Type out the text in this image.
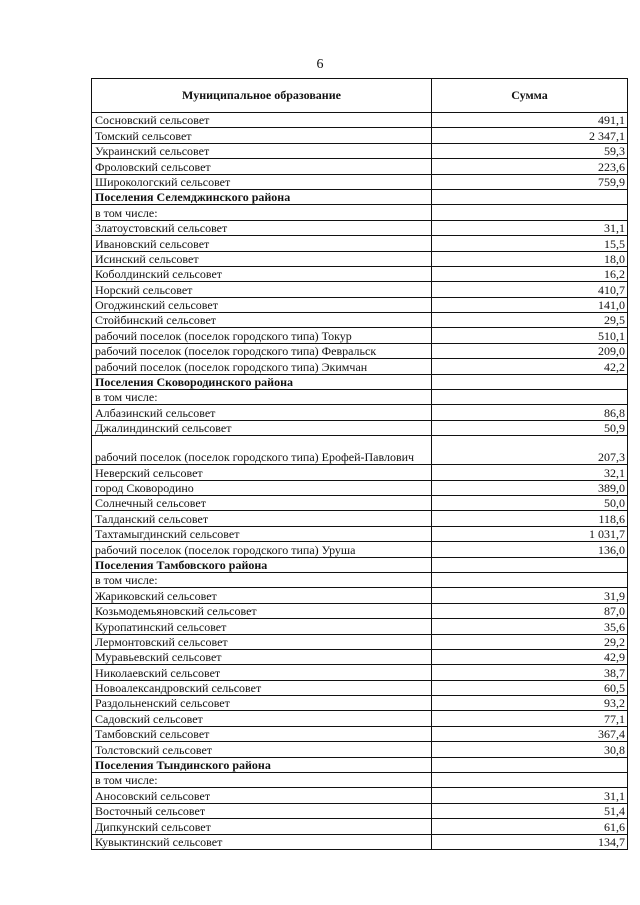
6
Муниципальное образование	Сумма
Сосновский сельсовет	491,1
Томский сельсовет	2 347,1
Украинский сельсовет	59,3
Фроловский сельсовет	223,6
Широкологский сельсовет	759,9
Поселения Селемджинского района	
в том числе:	
Златоустовский сельсовет	31,1
Ивановский сельсовет	15,5
Исинский сельсовет	18,0
Коболдинский сельсовет	16,2
Норский сельсовет	410,7
Огоджинский сельсовет	141,0
Стойбинский сельсовет	29,5
рабочий поселок (поселок городского типа) Токур	510,1
рабочий поселок (поселок городского типа) Февральск	209,0
рабочий поселок (поселок городского типа) Экимчан	42,2
Поселения Сковородинского района	
в том числе:	
Албазинский сельсовет	86,8
Джалиндинский сельсовет	50,9
рабочий поселок (поселок городского типа) Ерофей-Павлович	207,3
Неверский сельсовет	32,1
город Сковородино	389,0
Солнечный сельсовет	50,0
Талданский сельсовет	118,6
Тахтамыгдинский сельсовет	1 031,7
рабочий поселок (поселок городского типа) Уруша	136,0
Поселения Тамбовского района	
в том числе:	
Жариковский сельсовет	31,9
Козьмодемьяновский сельсовет	87,0
Куропатинский сельсовет	35,6
Лермонтовский сельсовет	29,2
Муравьевский сельсовет	42,9
Николаевский сельсовет	38,7
Новоалександровский сельсовет	60,5
Раздольненский сельсовет	93,2
Садовский сельсовет	77,1
Тамбовский сельсовет	367,4
Толстовский сельсовет	30,8
Поселения Тындинского района	
в том числе:	
Аносовский сельсовет	31,1
Восточный сельсовет	51,4
Дипкунский сельсовет	61,6
Кувыктинский сельсовет	134,7
